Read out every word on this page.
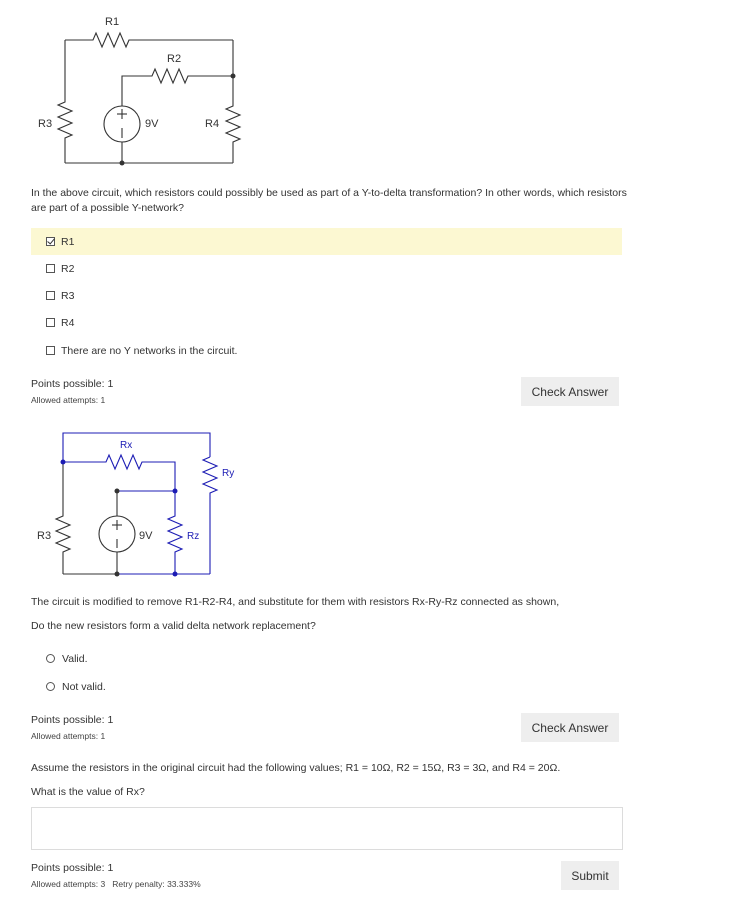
R1
R2
R3	R4
9V
In the above circuit, which resistors could possibly be used as part of a Y-to-delta transformation? In other words, which resistors are part of a possible Y-network?
R1
R2
R3
R4
There are no Y networks in the circuit.
Points possible: 1
Allowed attempts: 1
Check Answer
Rx
Ry
Rz
R3	9V
The circuit is modified to remove R1-R2-R4, and substitute for them with resistors Rx-Ry-Rz connected as shown,
Do the new resistors form a valid delta network replacement?
Valid.
Not valid.
Points possible: 1
Allowed attempts: 1
Check Answer
Assume the resistors in the original circuit had the following values; R1 = 10Ω, R2 = 15Ω, R3 = 3Ω, and R4 = 20Ω.
What is the value of Rx?
Points possible: 1
Allowed attempts: 3 Retry penalty: 33.333%
Submit
